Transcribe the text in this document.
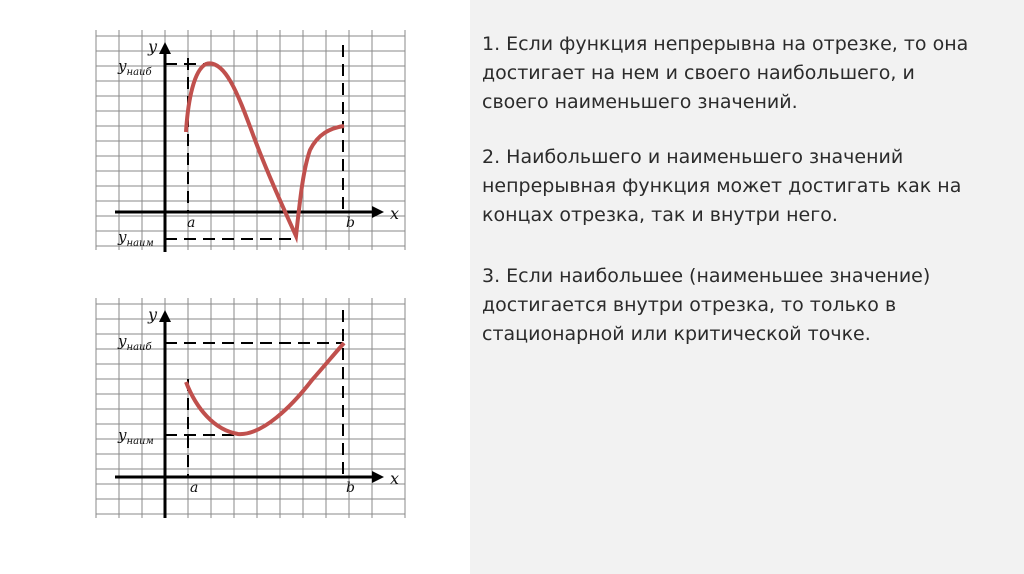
1. Если функция непрерывна на отрезке, то она достигает на нем и своего наибольшего, и своего наименьшего значений.
2. Наибольшего и наименьшего значений непрерывная функция может достигать как на концах отрезка, так и внутри него.
3. Если наибольшее (наименьшее значение) достигается внутри отрезка, то только в стационарной или критической точке.
y
x
a	b
$y_{наиб}$
$y_{наим}$
y
x
a	b
$y_{наиб}$
$y_{наим}$
